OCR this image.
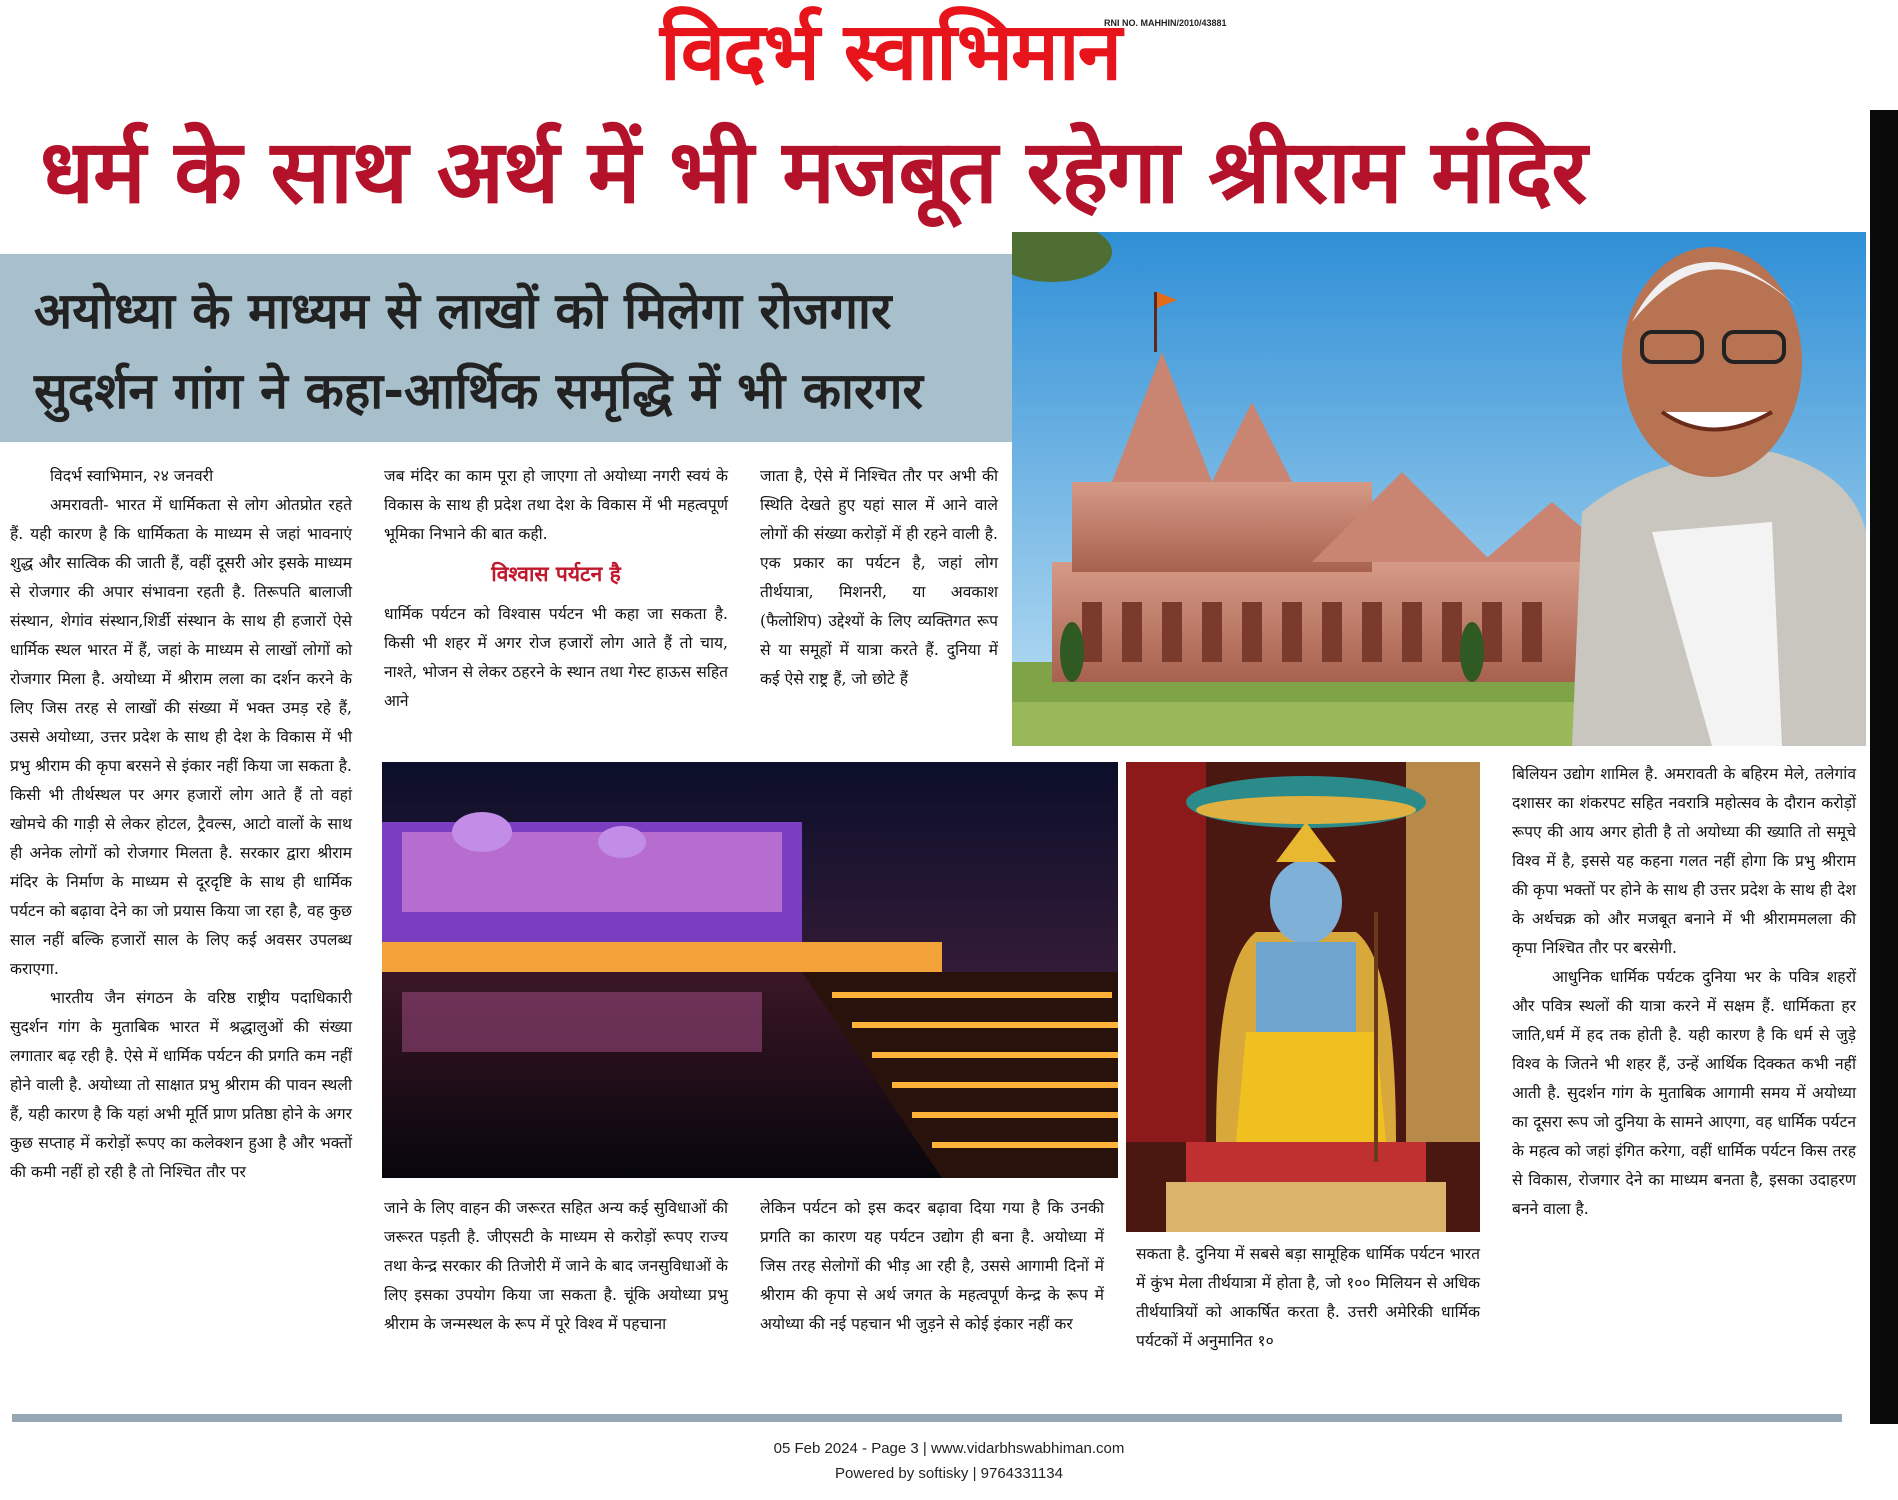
विदर्भ स्वाभिमान
RNI NO. MAHHIN/2010/43881
धर्म के साथ अर्थ में भी मजबूत रहेगा श्रीराम मंदिर
अयोध्या के माध्यम से लाखों को मिलेगा रोजगार
सुदर्शन गांग ने कहा-आर्थिक समृद्धि में भी कारगर

विदर्भ स्वाभिमान, २४ जनवरी

अमरावती- भारत में धार्मिकता से लोग ओतप्रोत रहते हैं. यही कारण है कि धार्मिकता के माध्यम से जहां भावनाएं शुद्ध और सात्विक की जाती हैं, वहीं दूसरी ओर इसके माध्यम से रोजगार की अपार संभावना रहती है. तिरूपति बालाजी संस्थान, शेगांव संस्थान,शिर्डी संस्थान के साथ ही हजारों ऐसे धार्मिक स्थल भारत में हैं, जहां के माध्यम से लाखों लोगों को रोजगार मिला है. अयोध्या में श्रीराम लला का दर्शन करने के लिए जिस तरह से लाखों की संख्या में भक्त उमड़ रहे हैं, उससे अयोध्या, उत्तर प्रदेश के साथ ही देश के विकास में भी प्रभु श्रीराम की कृपा बरसने से इंकार नहीं किया जा सकता है. किसी भी तीर्थस्थल पर अगर हजारों लोग आते हैं तो वहां खोमचे की गाड़ी से लेकर होटल, ट्रैवल्स, आटो वालों के साथ ही अनेक लोगों को रोजगार मिलता है. सरकार द्वारा श्रीराम मंदिर के निर्माण के माध्यम से दूरदृष्टि के साथ ही धार्मिक पर्यटन को बढ़ावा देने का जो प्रयास किया जा रहा है, वह कुछ साल नहीं बल्कि हजारों साल के लिए कई अवसर उपलब्ध कराएगा.

भारतीय जैन संगठन के वरिष्ठ राष्ट्रीय पदाधिकारी सुदर्शन गांग के मुताबिक भारत में श्रद्धालुओं की संख्या लगातार बढ़ रही है. ऐसे में धार्मिक पर्यटन की प्रगति कम नहीं होने वाली है. अयोध्या तो साक्षात प्रभु श्रीराम की पावन स्थली हैं, यही कारण है कि यहां अभी मूर्ति प्राण प्रतिष्ठा होने के अगर कुछ सप्ताह में करोड़ों रूपए का कलेक्शन हुआ है और भक्तों की कमी नहीं हो रही है तो निश्चित तौर पर

जब मंदिर का काम पूरा हो जाएगा तो अयोध्या नगरी स्वयं के विकास के साथ ही प्रदेश तथा देश के विकास में भी महत्वपूर्ण भूमिका निभाने की बात कही.

विश्वास पर्यटन है

धार्मिक पर्यटन को विश्वास पर्यटन भी कहा जा सकता है. किसी भी शहर में अगर रोज हजारों लोग आते हैं तो चाय, नाश्ते, भोजन से लेकर ठहरने के स्थान तथा गेस्ट हाऊस सहित आने

जाता है, ऐसे में निश्चित तौर पर अभी की स्थिति देखते हुए यहां साल में आने वाले लोगों की संख्या करोड़ों में ही रहने वाली है. एक प्रकार का पर्यटन है, जहां लोग तीर्थयात्रा, मिशनरी, या अवकाश (फैलोशिप) उद्देश्यों के लिए व्यक्तिगत रूप से या समूहों में यात्रा करते हैं. दुनिया में कई ऐसे राष्ट्र हैं, जो छोटे हैं

जाने के लिए वाहन की जरूरत सहित अन्य कई सुविधाओं की जरूरत पड़ती है. जीएसटी के माध्यम से करोड़ों रूपए राज्य तथा केन्द्र सरकार की तिजोरी में जाने के बाद जनसुविधाओं के लिए इसका उपयोग किया जा सकता है. चूंकि अयोध्या प्रभु श्रीराम के जन्मस्थल के रूप में पूरे विश्व में पहचाना

लेकिन पर्यटन को इस कदर बढ़ावा दिया गया है कि उनकी प्रगति का कारण यह पर्यटन उद्योग ही बना है. अयोध्या में जिस तरह सेलोगों की भीड़ आ रही है, उससे आगामी दिनों में श्रीराम की कृपा से अर्थ जगत के महत्वपूर्ण केन्द्र के रूप में अयोध्या की नई पहचान भी जुड़ने से कोई इंकार नहीं कर

सकता है. दुनिया में सबसे बड़ा सामूहिक धार्मिक पर्यटन भारत में कुंभ मेला तीर्थयात्रा में होता है, जो १०० मिलियन से अधिक तीर्थयात्रियों को आकर्षित करता है. उत्तरी अमेरिकी धार्मिक पर्यटकों में अनुमानित १०

बिलियन उद्योग शामिल है. अमरावती के बहिरम मेले, तलेगांव दशासर का शंकरपट सहित नवरात्रि महोत्सव के दौरान करोड़ों रूपए की आय अगर होती है तो अयोध्या की ख्याति तो समूचे विश्व में है, इससे यह कहना गलत नहीं होगा कि प्रभु श्रीराम की कृपा भक्तों पर होने के साथ ही उत्तर प्रदेश के साथ ही देश के अर्थचक्र को और मजबूत बनाने में भी श्रीराममलला की कृपा निश्चित तौर पर बरसेगी.

आधुनिक धार्मिक पर्यटक दुनिया भर के पवित्र शहरों और पवित्र स्थलों की यात्रा करने में सक्षम हैं. धार्मिकता हर जाति,धर्म में हद तक होती है. यही कारण है कि धर्म से जुड़े विश्व के जितने भी शहर हैं, उन्हें आर्थिक दिक्कत कभी नहीं आती है. सुदर्शन गांग के मुताबिक आगामी समय में अयोध्या का दूसरा रूप जो दुनिया के सामने आएगा, वह धार्मिक पर्यटन के महत्व को जहां इंगित करेगा, वहीं धार्मिक पर्यटन किस तरह से विकास, रोजगार देने का माध्यम बनता है, इसका उदाहरण बनने वाला है.

05 Feb 2024 - Page 3 | www.vidarbhswabhiman.com
Powered by softisky | 9764331134
